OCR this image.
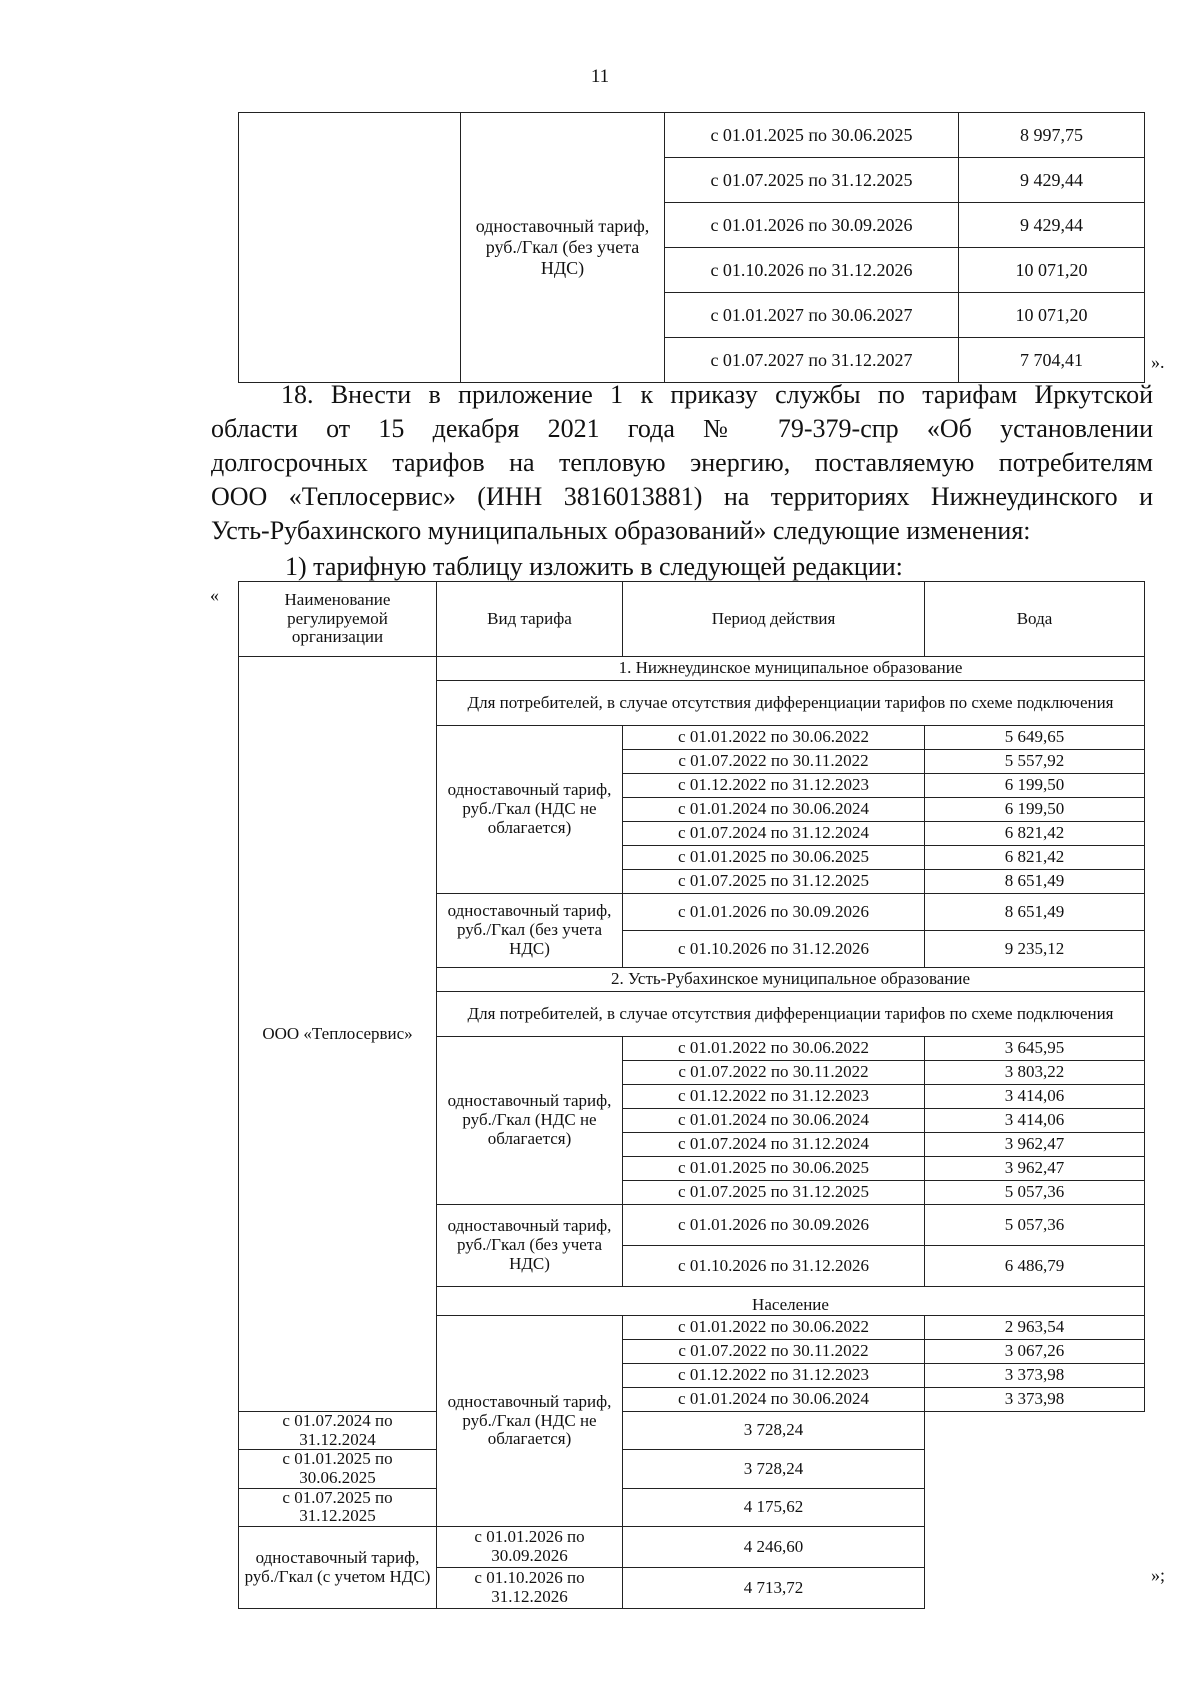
11
	одноставочный тариф, руб./Гкал (без учета НДС)	с 01.01.2025 по 30.06.2025	8 997,75
		с 01.07.2025 по 31.12.2025	9 429,44
		с 01.01.2026 по 30.09.2026	9 429,44
		с 01.10.2026 по 31.12.2026	10 071,20
		с 01.01.2027 по 30.06.2027	10 071,20
		с 01.07.2027 по 31.12.2027	7 704,41	».

18. Внести в приложение 1 к приказу службы по тарифам Иркутской

области от 15 декабря 2021 года № 79-379-спр «Об установлении

долгосрочных тарифов на тепловую энергию, поставляемую потребителям

ООО «Теплосервис» (ИНН 3816013881) на территориях Нижнеудинского и

Усть-Рубахинского муниципальных образований» следующие изменения:

1) тарифную таблицу изложить в следующей редакции:

«	Наименование регулируемой организации	Вид тарифа	Период действия	Вода
ООО «Теплосервис»	1. Нижнеудинское муниципальное образование		
	Для потребителей, в случае отсутствия дифференциации тарифов по схеме подключения		
	одноставочный тариф, руб./Гкал (НДС не облагается)	с 01.01.2022 по 30.06.2022	5 649,65
		с 01.07.2022 по 30.11.2022	5 557,92
		с 01.12.2022 по 31.12.2023	6 199,50
		с 01.01.2024 по 30.06.2024	6 199,50
		с 01.07.2024 по 31.12.2024	6 821,42
		с 01.01.2025 по 30.06.2025	6 821,42
		с 01.07.2025 по 31.12.2025	8 651,49
	одноставочный тариф, руб./Гкал (без учета НДС)	с 01.01.2026 по 30.09.2026	8 651,49
		с 01.10.2026 по 31.12.2026	9 235,12
	2. Усть-Рубахинское муниципальное образование		
	Для потребителей, в случае отсутствия дифференциации тарифов по схеме подключения		
	одноставочный тариф, руб./Гкал (НДС не облагается)	с 01.01.2022 по 30.06.2022	3 645,95
		с 01.07.2022 по 30.11.2022	3 803,22
		с 01.12.2022 по 31.12.2023	3 414,06
		с 01.01.2024 по 30.06.2024	3 414,06
		с 01.07.2024 по 31.12.2024	3 962,47
		с 01.01.2025 по 30.06.2025	3 962,47
		с 01.07.2025 по 31.12.2025	5 057,36
	одноставочный тариф, руб./Гкал (без учета НДС)	с 01.01.2026 по 30.09.2026	5 057,36
		с 01.10.2026 по 31.12.2026	6 486,79
	Население		
	одноставочный тариф, руб./Гкал (НДС не облагается)	с 01.01.2022 по 30.06.2022	2 963,54
		с 01.07.2022 по 30.11.2022	3 067,26
		с 01.12.2022 по 31.12.2023	3 373,98
		с 01.01.2024 по 30.06.2024	3 373,98
с 01.07.2024 по 31.12.2024		3 728,24	
с 01.01.2025 по 30.06.2025		3 728,24	
с 01.07.2025 по 31.12.2025		4 175,62	
одноставочный тариф, руб./Гкал (с учетом НДС)	с 01.01.2026 по 30.09.2026	4 246,60	
	с 01.10.2026 по 31.12.2026	4 713,72	
»;
